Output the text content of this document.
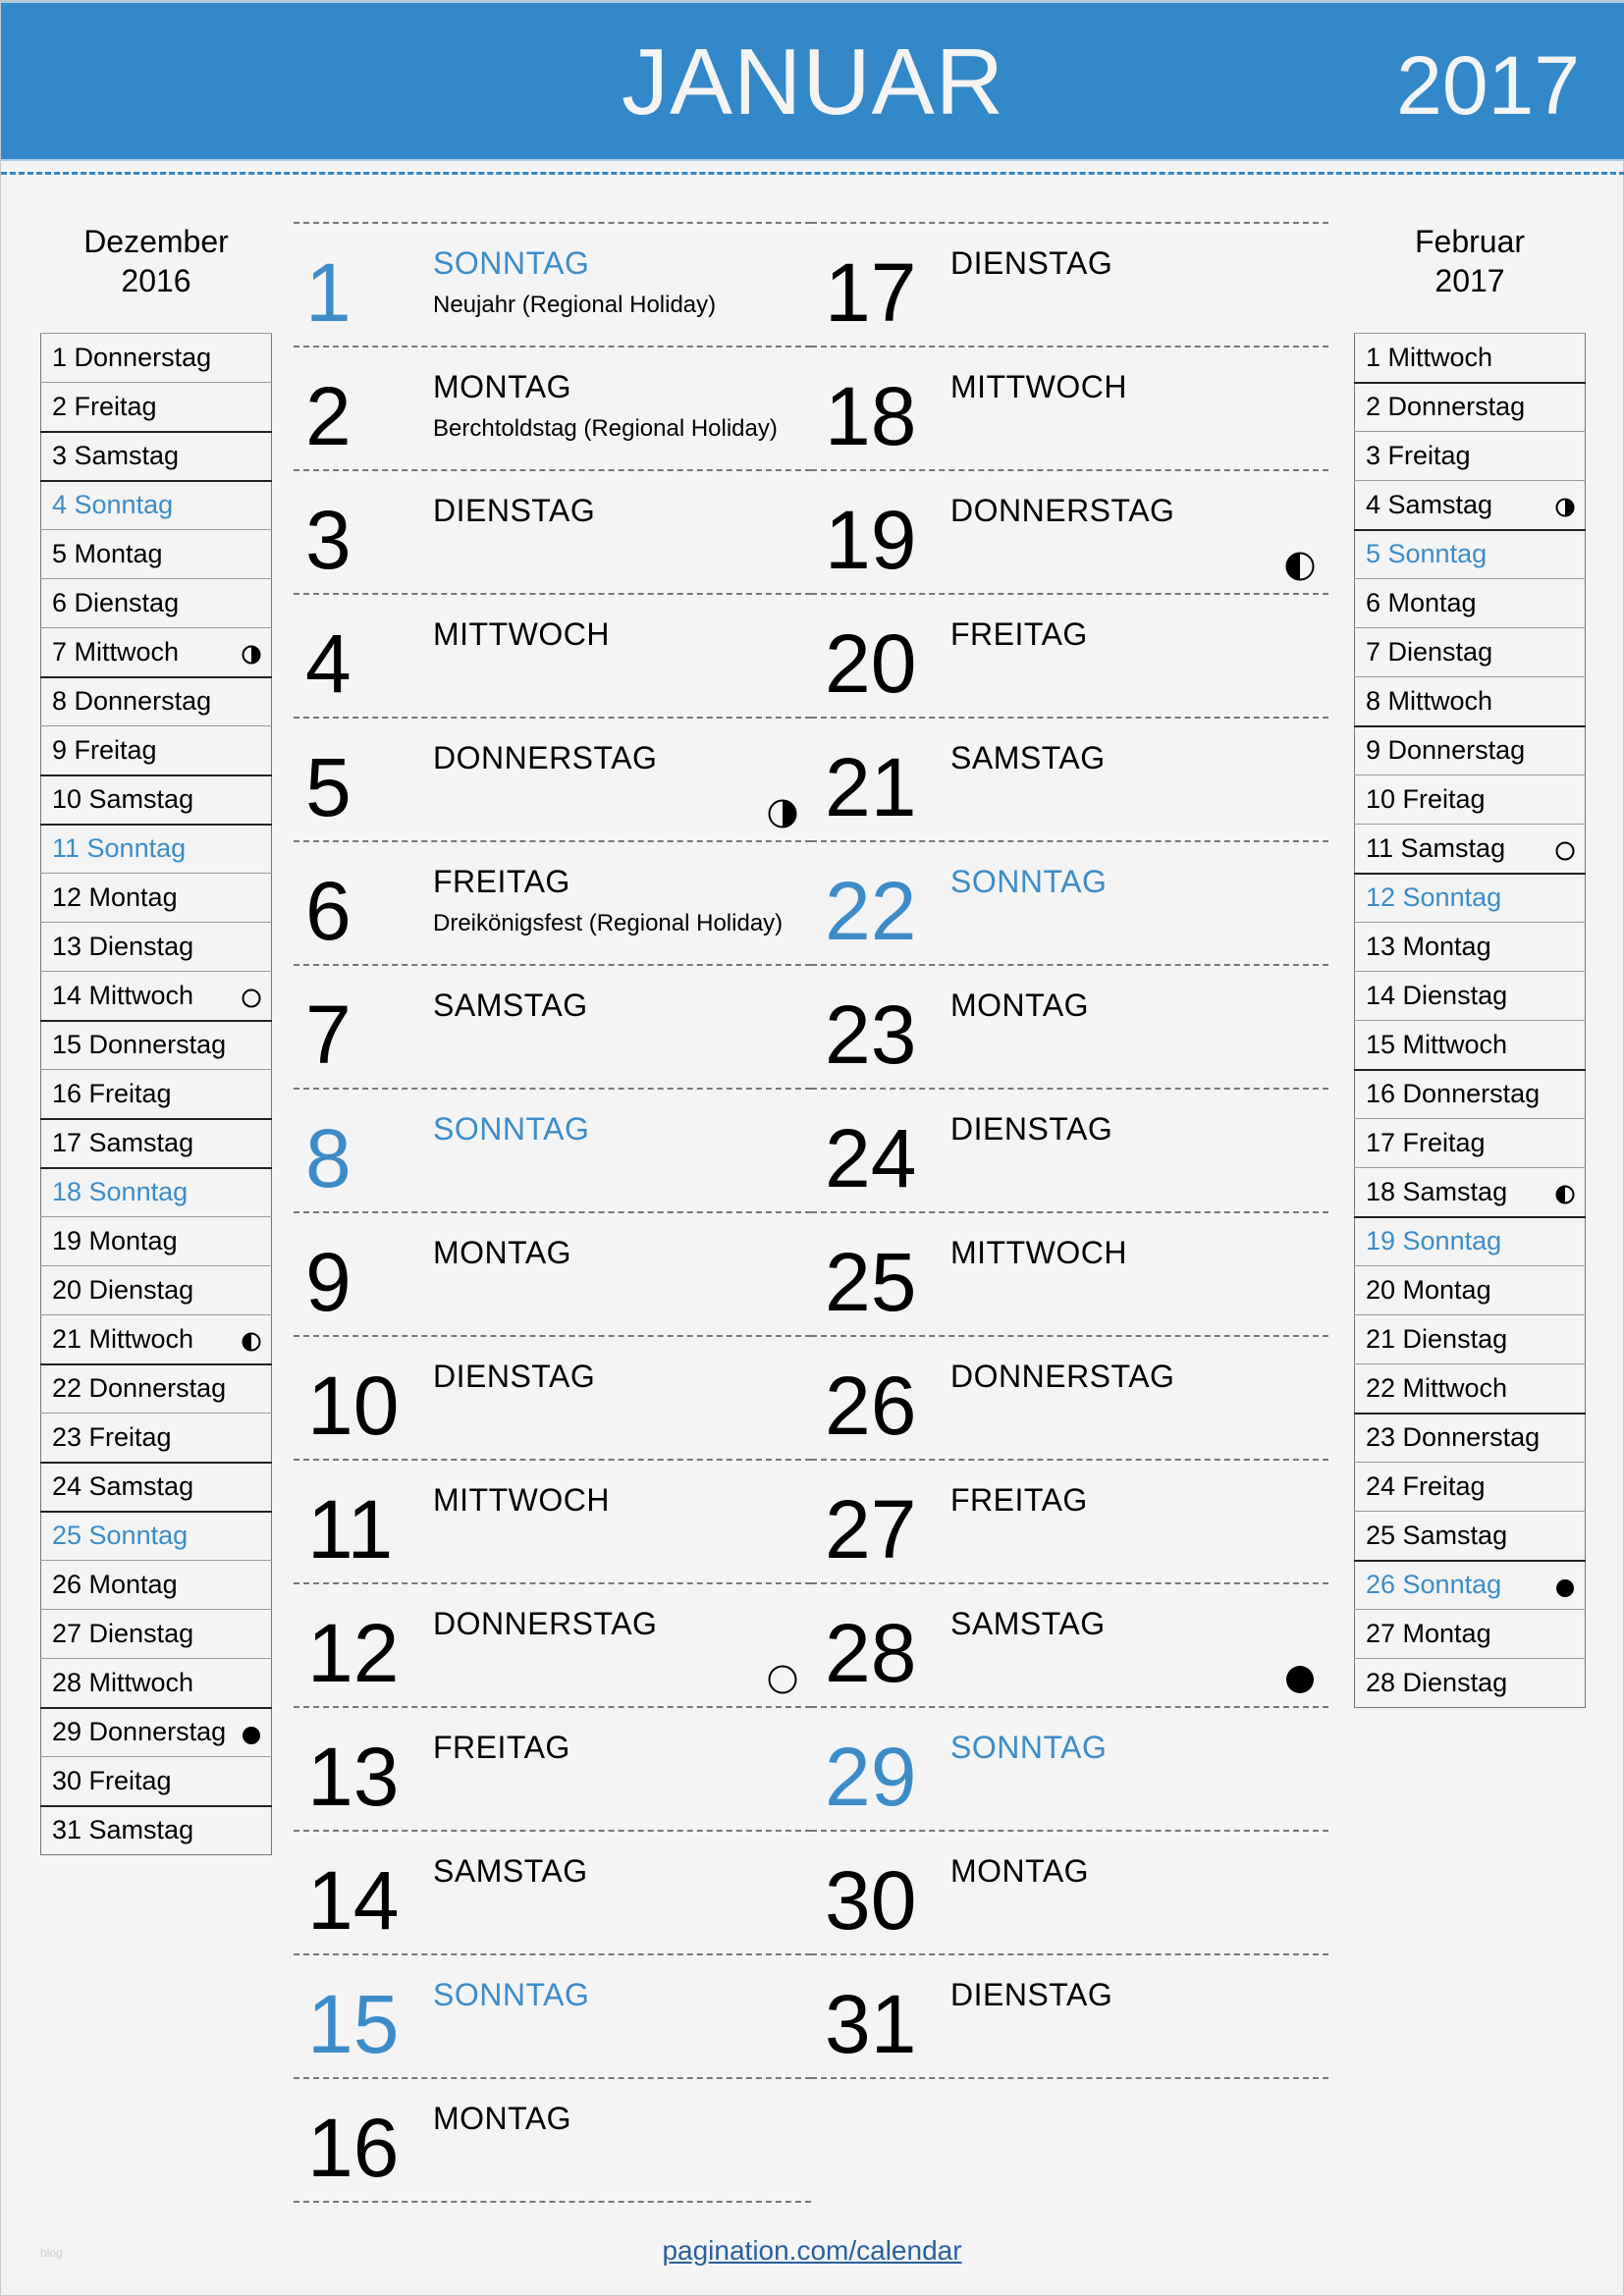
JANUAR	2017
Dezember
2016
1 Donnerstag
2 Freitag
3 Samstag
4 Sonntag
5 Montag
6 Dienstag
7 Mittwoch

8 Donnerstag
9 Freitag
10 Samstag
11 Sonntag
12 Montag
13 Dienstag
14 Mittwoch

15 Donnerstag
16 Freitag
17 Samstag
18 Sonntag
19 Montag
20 Dienstag
21 Mittwoch

22 Donnerstag
23 Freitag
24 Samstag
25 Sonntag
26 Montag
27 Dienstag
28 Mittwoch
29 Donnerstag

30 Freitag
31 Samstag
Februar
2017
1 Mittwoch
2 Donnerstag
3 Freitag
4 Samstag

5 Sonntag
6 Montag
7 Dienstag
8 Mittwoch
9 Donnerstag
10 Freitag
11 Samstag

12 Sonntag
13 Montag
14 Dienstag
15 Mittwoch
16 Donnerstag
17 Freitag
18 Samstag

19 Sonntag
20 Montag
21 Dienstag
22 Mittwoch
23 Donnerstag
24 Freitag
25 Samstag
26 Sonntag

27 Montag
28 Dienstag
1	SONNTAG
Neujahr (Regional Holiday)
2	MONTAG
Berchtoldstag (Regional Holiday)
3	DIENSTAG
4	MITTWOCH
5	DONNERSTAG
6	FREITAG
Dreikönigsfest (Regional Holiday)
7	SAMSTAG
8	SONNTAG
9	MONTAG
10 DIENSTAG
11 MITTWOCH
12 DONNERSTAG
13 FREITAG
14 SAMSTAG
15 SONNTAG
16 MONTAG
17 DIENSTAG
18 MITTWOCH
19 DONNERSTAG
20 FREITAG
21 SAMSTAG
22 SONNTAG
23 MONTAG
24 DIENSTAG
25 MITTWOCH
26 DONNERSTAG
27 FREITAG
28 SAMSTAG
29 SONNTAG
30 MONTAG
31 DIENSTAG
pagination.com/calendar
blog
